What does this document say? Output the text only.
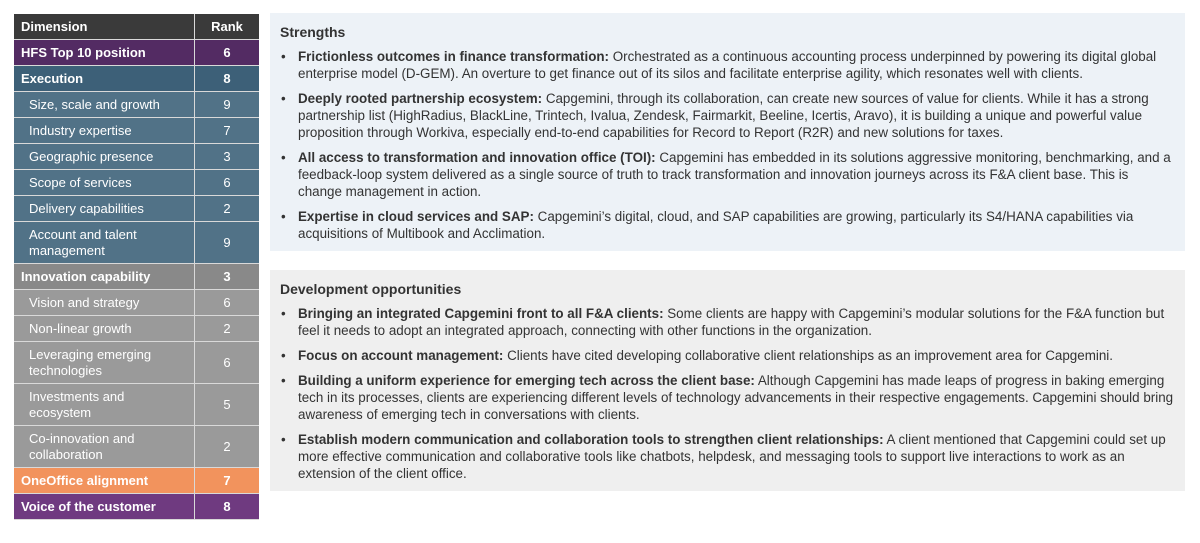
Dimension	Rank

HFS Top 10 position	6

Execution	8

Size, scale and growth	9

Industry expertise	7

Geographic presence	3

Scope of services	6

Delivery capabilities	2

Account and talent management	9

Innovation capability	3

Vision and strategy	6

Non-linear growth	2

Leveraging emerging technologies	6

Investments and ecosystem	5

Co-innovation and collaboration	2

OneOffice alignment	7

Voice of the customer	8
Strengths
• Frictionless outcomes in finance transformation: Orchestrated as a continuous accounting process underpinned by powering its digital global enterprise model (D-GEM). An overture to get finance out of its silos and facilitate enterprise agility, which resonates well with clients.
• Deeply rooted partnership ecosystem: Capgemini, through its collaboration, can create new sources of value for clients. While it has a strong partnership list (HighRadius, BlackLine, Trintech, Ivalua, Zendesk, Fairmarkit, Beeline, Icertis, Aravo), it is building a unique and powerful value proposition through Workiva, especially end-to-end capabilities for Record to Report (R2R) and new solutions for taxes.
• All access to transformation and innovation office (TOI): Capgemini has embedded in its solutions aggressive monitoring, benchmarking, and a feedback-loop system delivered as a single source of truth to track transformation and innovation journeys across its F&A client base. This is change management in action.
• Expertise in cloud services and SAP: Capgemini’s digital, cloud, and SAP capabilities are growing, particularly its S4/HANA capabilities via acquisitions of Multibook and Acclimation.
Development opportunities
• Bringing an integrated Capgemini front to all F&A clients: Some clients are happy with Capgemini’s modular solutions for the F&A function but feel it needs to adopt an integrated approach, connecting with other functions in the organization.
• Focus on account management: Clients have cited developing collaborative client relationships as an improvement area for Capgemini.
• Building a uniform experience for emerging tech across the client base: Although Capgemini has made leaps of progress in baking emerging tech in its processes, clients are experiencing different levels of technology advancements in their respective engagements. Capgemini should bring awareness of emerging tech in conversations with clients.
• Establish modern communication and collaboration tools to strengthen client relationships: A client mentioned that Capgemini could set up more effective communication and collaborative tools like chatbots, helpdesk, and messaging tools to support live interactions to work as an extension of the client office.
